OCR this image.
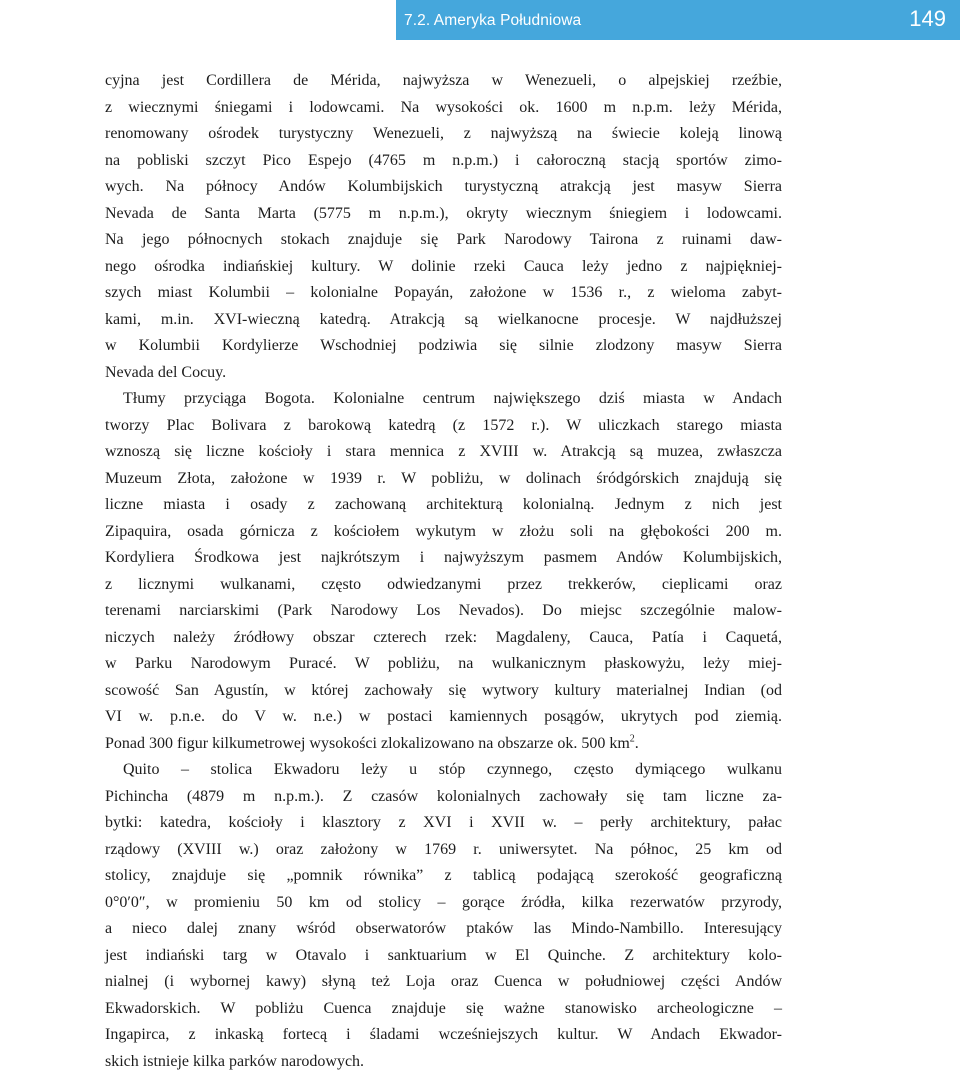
7.2. Ameryka Południowa	149
cyjna jest Cordillera de Mérida, najwyższa w Wenezueli, o alpejskiej rzeźbie,
z wiecznymi śniegami i lodowcami. Na wysokości ok. 1600 m n.p.m. leży Mérida,
renomowany ośrodek turystyczny Wenezueli, z najwyższą na świecie koleją linową
na pobliski szczyt Pico Espejo (4765 m n.p.m.) i całoroczną stacją sportów zimo-
wych. Na północy Andów Kolumbijskich turystyczną atrakcją jest masyw Sierra
Nevada de Santa Marta (5775 m n.p.m.), okryty wiecznym śniegiem i lodowcami.
Na jego północnych stokach znajduje się Park Narodowy Tairona z ruinami daw-
nego ośrodka indiańskiej kultury. W dolinie rzeki Cauca leży jedno z najpiękniej-
szych miast Kolumbii – kolonialne Popayán, założone w 1536 r., z wieloma zabyt-
kami, m.in. XVI-wieczną katedrą. Atrakcją są wielkanocne procesje. W najdłuższej
w Kolumbii Kordylierze Wschodniej podziwia się silnie zlodzony masyw Sierra
Nevada del Cocuy.
Tłumy przyciąga Bogota. Kolonialne centrum największego dziś miasta w Andach
tworzy Plac Bolivara z barokową katedrą (z 1572 r.). W uliczkach starego miasta
wznoszą się liczne kościoły i stara mennica z XVIII w. Atrakcją są muzea, zwłaszcza
Muzeum Złota, założone w 1939 r. W pobliżu, w dolinach śródgórskich znajdują się
liczne miasta i osady z zachowaną architekturą kolonialną. Jednym z nich jest
Zipaquira, osada górnicza z kościołem wykutym w złożu soli na głębokości 200 m.
Kordyliera Środkowa jest najkrótszym i najwyższym pasmem Andów Kolumbijskich,
z licznymi wulkanami, często odwiedzanymi przez trekkerów, cieplicami oraz
terenami narciarskimi (Park Narodowy Los Nevados). Do miejsc szczególnie malow-
niczych należy źródłowy obszar czterech rzek: Magdaleny, Cauca, Patía i Caquetá,
w Parku Narodowym Puracé. W pobliżu, na wulkanicznym płaskowyżu, leży miej-
scowość San Agustín, w której zachowały się wytwory kultury materialnej Indian (od
VI w. p.n.e. do V w. n.e.) w postaci kamiennych posągów, ukrytych pod ziemią.
Ponad 300 figur kilkumetrowej wysokości zlokalizowano na obszarze ok. 500 $km^2$.
Quito – stolica Ekwadoru leży u stóp czynnego, często dymiącego wulkanu
Pichincha (4879 m n.p.m.). Z czasów kolonialnych zachowały się tam liczne za-
bytki: katedra, kościoły i klasztory z XVI i XVII w. – perły architektury, pałac
rządowy (XVIII w.) oraz założony w 1769 r. uniwersytet. Na północ, 25 km od
stolicy, znajduje się „pomnik równika” z tablicą podającą szerokość geograficzną
0°0′0″, w promieniu 50 km od stolicy – gorące źródła, kilka rezerwatów przyrody,
a nieco dalej znany wśród obserwatorów ptaków las Mindo-Nambillo. Interesujący
jest indiański targ w Otavalo i sanktuarium w El Quinche. Z architektury kolo-
nialnej (i wybornej kawy) słyną też Loja oraz Cuenca w południowej części Andów
Ekwadorskich. W pobliżu Cuenca znajduje się ważne stanowisko archeologiczne –
Ingapirca, z inkaską fortecą i śladami wcześniejszych kultur. W Andach Ekwador-
skich istnieje kilka parków narodowych.
